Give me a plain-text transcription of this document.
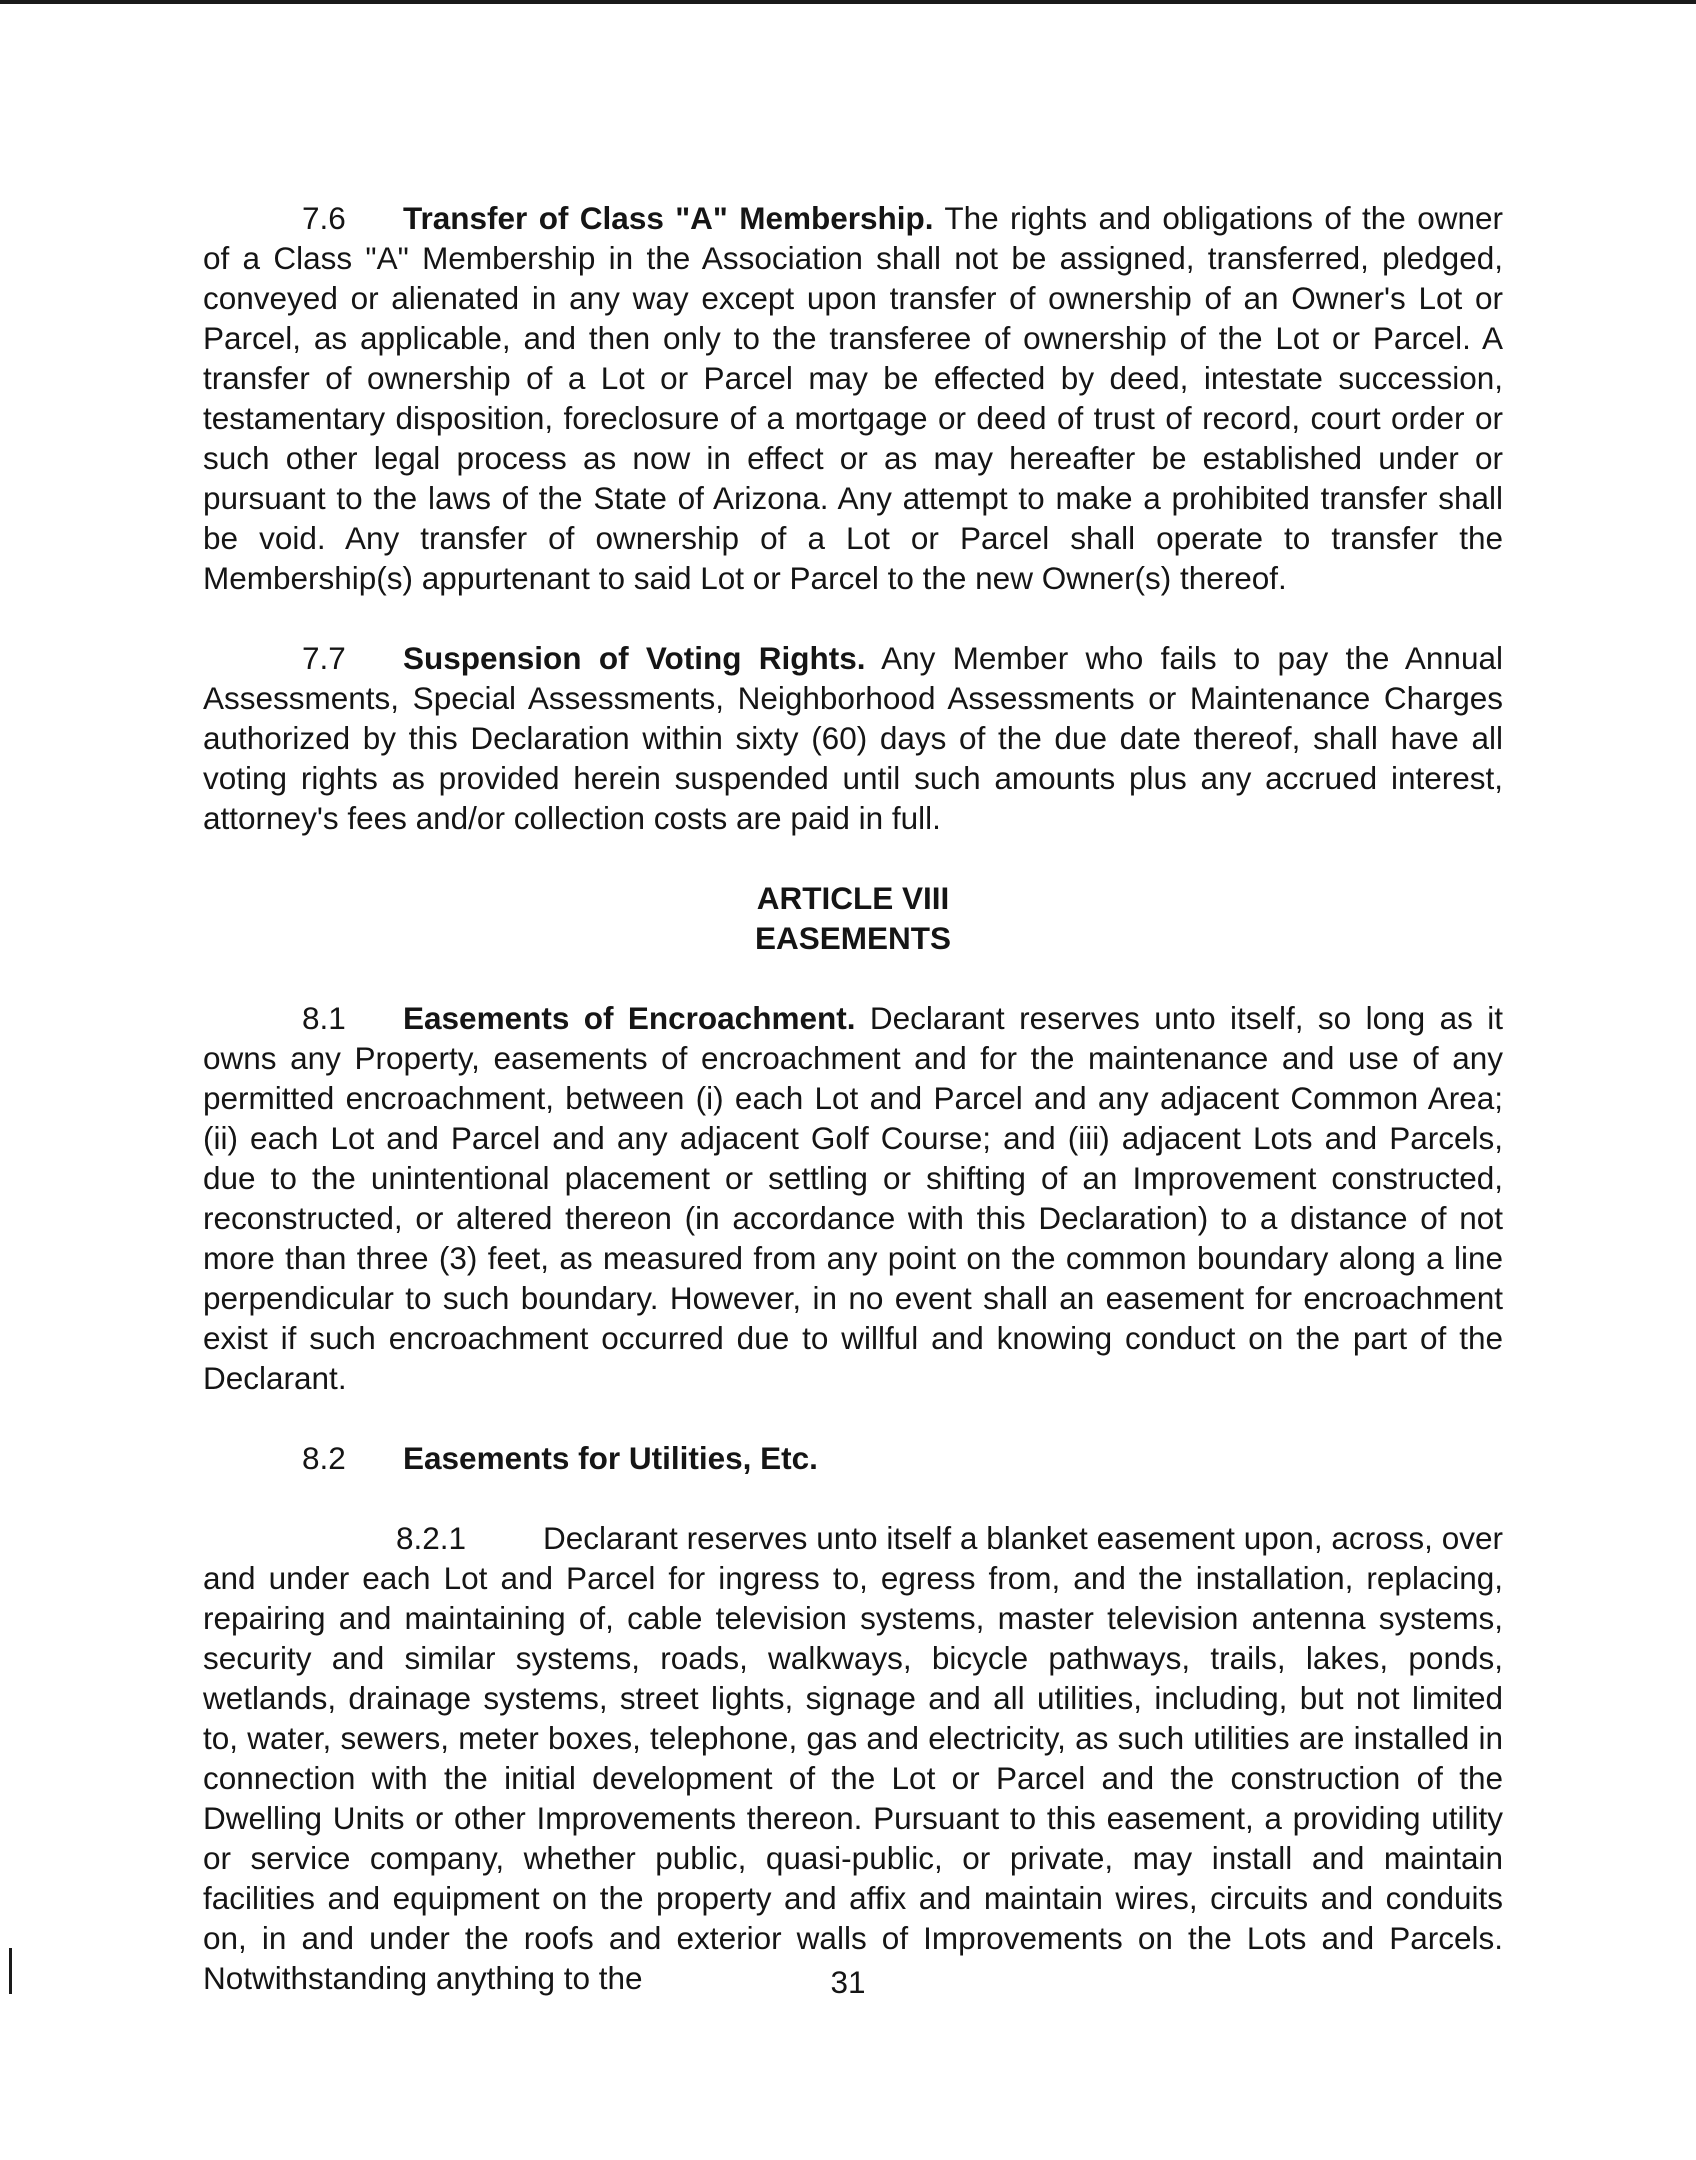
7.6 Transfer of Class "A" Membership. The rights and obligations of the owner of a Class "A" Membership in the Association shall not be assigned, transferred, pledged, conveyed or alienated in any way except upon transfer of ownership of an Owner's Lot or Parcel, as applicable, and then only to the transferee of ownership of the Lot or Parcel. A transfer of ownership of a Lot or Parcel may be effected by deed, intestate succession, testamentary disposition, foreclosure of a mortgage or deed of trust of record, court order or such other legal process as now in effect or as may hereafter be established under or pursuant to the laws of the State of Arizona. Any attempt to make a prohibited transfer shall be void. Any transfer of ownership of a Lot or Parcel shall operate to transfer the Membership(s) appurtenant to said Lot or Parcel to the new Owner(s) thereof.

7.7 Suspension of Voting Rights. Any Member who fails to pay the Annual Assessments, Special Assessments, Neighborhood Assessments or Maintenance Charges authorized by this Declaration within sixty (60) days of the due date thereof, shall have all voting rights as provided herein suspended until such amounts plus any accrued interest, attorney's fees and/or collection costs are paid in full.

ARTICLE VIII

EASEMENTS

8.1 Easements of Encroachment. Declarant reserves unto itself, so long as it owns any Property, easements of encroachment and for the maintenance and use of any permitted encroachment, between (i) each Lot and Parcel and any adjacent Common Area; (ii) each Lot and Parcel and any adjacent Golf Course; and (iii) adjacent Lots and Parcels, due to the unintentional placement or settling or shifting of an Improvement constructed, reconstructed, or altered thereon (in accordance with this Declaration) to a distance of not more than three (3) feet, as measured from any point on the common boundary along a line perpendicular to such boundary. However, in no event shall an easement for encroachment exist if such encroachment occurred due to willful and knowing conduct on the part of the Declarant.

8.2 Easements for Utilities, Etc.

8.2.1 Declarant reserves unto itself a blanket easement upon, across, over and under each Lot and Parcel for ingress to, egress from, and the installation, replacing, repairing and maintaining of, cable television systems, master television antenna systems, security and similar systems, roads, walkways, bicycle pathways, trails, lakes, ponds, wetlands, drainage systems, street lights, signage and all utilities, including, but not limited to, water, sewers, meter boxes, telephone, gas and electricity, as such utilities are installed in connection with the initial development of the Lot or Parcel and the construction of the Dwelling Units or other Improvements thereon. Pursuant to this easement, a providing utility or service company, whether public, quasi-public, or private, may install and maintain facilities and equipment on the property and affix and maintain wires, circuits and conduits on, in and under the roofs and exterior walls of Improvements on the Lots and Parcels. Notwithstanding anything to the	31
